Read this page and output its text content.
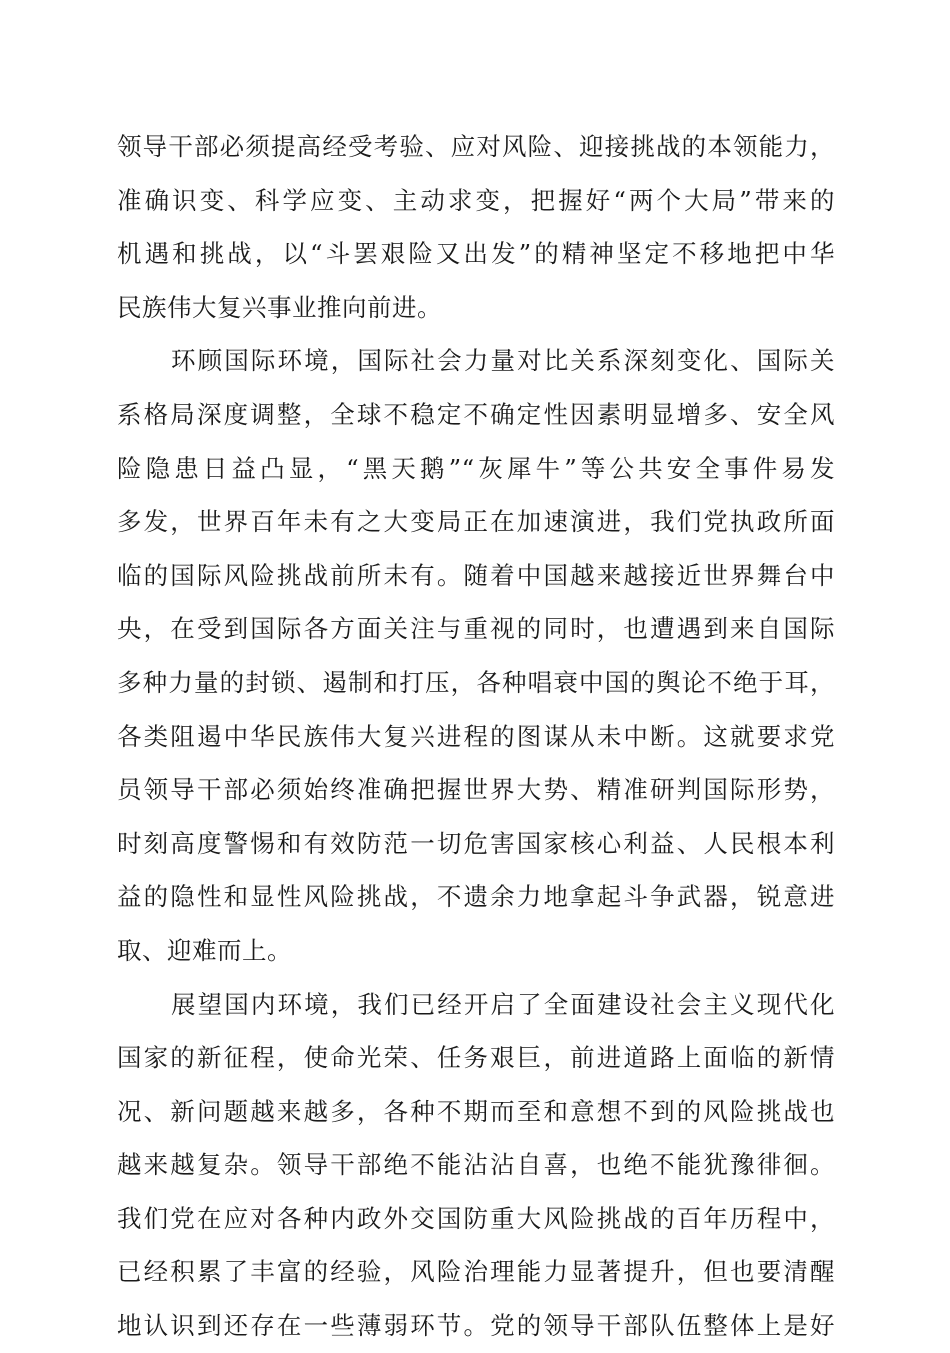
领导干部必须提高经受考验、应对风险、迎接挑战的本领能力，
准确识变、科学应变、主动求变，把握好“两个大局”带来的
机遇和挑战，以“斗罢艰险又出发”的精神坚定不移地把中华
民族伟大复兴事业推向前进。
环顾国际环境，国际社会力量对比关系深刻变化、国际关
系格局深度调整，全球不稳定不确定性因素明显增多、安全风
险隐患日益凸显，“黑天鹅”“灰犀牛”等公共安全事件易发
多发，世界百年未有之大变局正在加速演进，我们党执政所面
临的国际风险挑战前所未有。随着中国越来越接近世界舞台中
央，在受到国际各方面关注与重视的同时，也遭遇到来自国际
多种力量的封锁、遏制和打压，各种唱衰中国的舆论不绝于耳，
各类阻遏中华民族伟大复兴进程的图谋从未中断。这就要求党
员领导干部必须始终准确把握世界大势、精准研判国际形势，
时刻高度警惕和有效防范一切危害国家核心利益、人民根本利
益的隐性和显性风险挑战，不遗余力地拿起斗争武器，锐意进
取、迎难而上。
展望国内环境，我们已经开启了全面建设社会主义现代化
国家的新征程，使命光荣、任务艰巨，前进道路上面临的新情
况、新问题越来越多，各种不期而至和意想不到的风险挑战也
越来越复杂。领导干部绝不能沾沾自喜，也绝不能犹豫徘徊。
我们党在应对各种内政外交国防重大风险挑战的百年历程中，
已经积累了丰富的经验，风险治理能力显著提升，但也要清醒
地认识到还存在一些薄弱环节。党的领导干部队伍整体上是好
